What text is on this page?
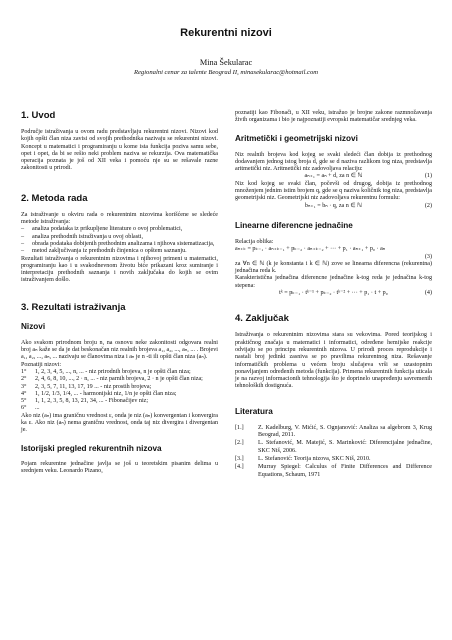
Rekurentni nizovi
Mina Šekularac
Regionalni cenar za talente Beograd II, minasekularac@hotmail.com
1. Uvod

Područje istraživanja u ovom radu predstavljaju rekurentni nizovi. Nizovi kod kojih opšti član niza zavisi od svojih prethodnika nazivaju se rekurentni nizovi. Koncept u matematici i programiranju u kome ista funkcija poziva samu sebe, opet i opet, da bi se rešio neki problem naziva se rekurzija. Ova matematička operacija poznata je još od XII veka i pomoću nje su se rešavale razne zakonitosti u prirodi.

2. Metoda rada

Za istraživanje u okviru rada o rekurentnim nizovima korišćene se sledeće metode istraživanja:

– analiza podataka iz prikupljene literature o ovoj problematici,

– analiza prethodnih istraživanja u ovoj oblasti,

– obrada podataka dobijenih prethodnim analizama i njihova sistematizacija,

– metod zaključivanja iz prethodnih činjenica o opštem saznanju.

Rezultati istraživanja o rekurentnim nizovima i njihovoj primeni u matematici, programiranju kao i u svakodnevnom životu biće prikazani kroz sumiranje i interpretaciju prethodnih saznanja i novih zaključaka do kojih se ovim istraživanjem došlo.

3. Rezultati istraživanja
Nizovi

Ako svakom prirodnom broju n, na osnovu neke zakonitosti odgovara realni broj aₙ kaže se da je dat beskonačan niz realnih brojeva a₁, a₂, ..., aₙ, ... . Brojevi a₁, a₂, ..., aₙ, ... nazivaju se članovima niza i aₙ je n -ti ili opšti član niza (aₙ).

Poznatiji nizovi:

1° 1, 2, 3, 4, 5, ..., n, ... - niz prirodnih brojeva, n je opšti član niza;

2° 2, 4, 6, 8, 10, ..., 2 · n, ... - niz parnih brojeva, 2 · n je opšti član niza;

3° 2, 3, 5, 7, 11, 13, 17, 19 ... - niz prostih brojeva;

4° 1, 1/2, 1/3, 1/4, ... - harmonijski niz, 1/n je opšti član niza;

5° 1, 1, 2, 3, 5, 8, 13, 21, 34, ... - Fibonačijev niz;

6° ...

Ako niz (aₙ) ima graničnu vrednost ε, onda je niz (aₙ) konvergentan i konvergira ka ε. Ako niz (aₙ) nema graničnu vrednost, onda taj niz divergira i divergentan je.

Istorijski pregled rekurentnih nizova

Pojam rekurentne jednačine javlja se još u teoretskim pisanim delima u srednjem veku. Leonardo Pizano,

poznatiji kao Fibonači, u XII veku, istražuo je brojne zakone razmnožavanja živih organizama i bio je najpoznatiji evropski matematičar srednjeg veka.

Aritmetički i geometrijski nizovi

Niz realnih brojeva kod kojeg se svaki sledeći član dobija iz prethodnog dodavanjem jednog istog broja d, gde se d naziva razlikom tog niza, predstavlja aritmetički niz. Aritmetički niz zadovoljava relaciju:

aₙ₊₁ = aₙ + d, za n ∈ ℕ	(1)

Niz kod kojeg se svaki član, počevši od drugog, dobija iz prethodnog množenjem jednim istim brojem q, gde se q naziva količnik tog niza, predstavlja geometrijski niz. Geometrijski niz zadovoljava rekurentnu formulu:

bₙ₊₁ = bₙ · q, za n ∈ ℕ	(2)

Linearne diferencne jednačine

Relacija oblika:

aₙ₊ₖ = pₖ₋₁ · aₙ₊ₖ₋₁ + pₖ₋₂ · aₙ₊ₖ₋₂ + ··· + p₁ · aₙ₊₁ + p₀ · aₙ

(3)

za ∀n ∈ ℕ (k je konstanta i k ∈ ℕ) zove se linearna diferencna (rekurentna) jednačina reda k.

Karakteristična jednačina diferencne jednačine k-tog reda je jednačina k-tog stepena:

tᵏ = pₖ₋₁ · tᵏ⁻¹ + pₖ₋₂ · tᵏ⁻² + ··· + p₁ · t + p₀	(4)

4. Zaključak

Istraživanja o rekurentnim nizovima stara su vekovima. Pored teorijskog i praktičnog značaja u matematici i informatici, određene hemijske reakcije odvijaju se po principu rekurentnih nizova. U prirodi proces reprodukcije i nastali broj jedinki zasniva se po pravilima rekurentnog niza. Rešavanje informatičkih problema u većem broju slučajeva vrši se uzastopnim ponavljanjem određenih metoda (funkcija). Primena rekurentnih funkcija uticala je na razvoj informacionih tehnologija što je doprinelo unapređenju savremenih tehnoloških dostignuća.

Literatura

[1.] Z. Kadelburg, V. Mićić, S. Ognjanović: Analiza sa algebrom 3, Krug Beograd, 2011.

[2.] L. Stefanović, M. Matejić, S. Marinković: Diferencijalne jednačine, SKC Niš, 2006.

[3.] L. Stefanović: Teorija nizova, SKC Niš, 2010.

[4.] Murray Spiegel: Calculus of Finite Differences and Difference Equations, Schaum, 1971
